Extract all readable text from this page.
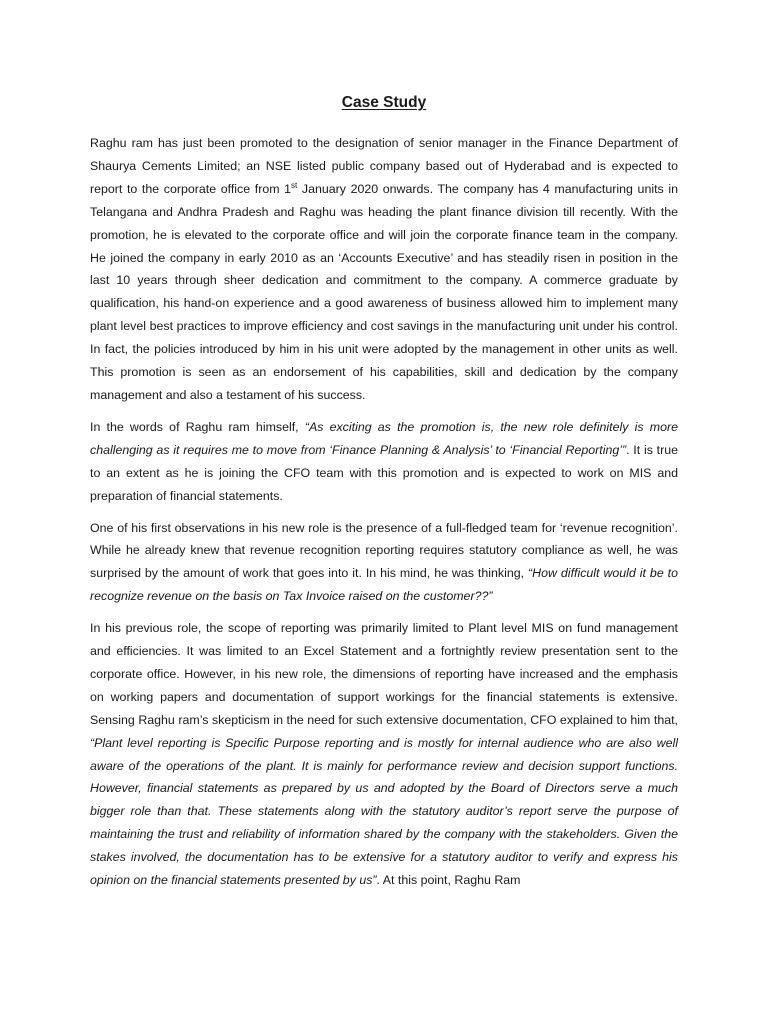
Case Study

Raghu ram has just been promoted to the designation of senior manager in the Finance Department of Shaurya Cements Limited; an NSE listed public company based out of Hyderabad and is expected to report to the corporate office from 1st January 2020 onwards. The company has 4 manufacturing units in Telangana and Andhra Pradesh and Raghu was heading the plant finance division till recently. With the promotion, he is elevated to the corporate office and will join the corporate finance team in the company. He joined the company in early 2010 as an ‘Accounts Executive’ and has steadily risen in position in the last 10 years through sheer dedication and commitment to the company. A commerce graduate by qualification, his hand-on experience and a good awareness of business allowed him to implement many plant level best practices to improve efficiency and cost savings in the manufacturing unit under his control. In fact, the policies introduced by him in his unit were adopted by the management in other units as well. This promotion is seen as an endorsement of his capabilities, skill and dedication by the company management and also a testament of his success.

In the words of Raghu ram himself, “As exciting as the promotion is, the new role definitely is more challenging as it requires me to move from ‘Finance Planning & Analysis’ to ‘Financial Reporting’”. It is true to an extent as he is joining the CFO team with this promotion and is expected to work on MIS and preparation of financial statements.

One of his first observations in his new role is the presence of a full-fledged team for ‘revenue recognition’. While he already knew that revenue recognition reporting requires statutory compliance as well, he was surprised by the amount of work that goes into it. In his mind, he was thinking, “How difficult would it be to recognize revenue on the basis on Tax Invoice raised on the customer??”

In his previous role, the scope of reporting was primarily limited to Plant level MIS on fund management and efficiencies. It was limited to an Excel Statement and a fortnightly review presentation sent to the corporate office. However, in his new role, the dimensions of reporting have increased and the emphasis on working papers and documentation of support workings for the financial statements is extensive. Sensing Raghu ram’s skepticism in the need for such extensive documentation, CFO explained to him that, “Plant level reporting is Specific Purpose reporting and is mostly for internal audience who are also well aware of the operations of the plant. It is mainly for performance review and decision support functions. However, financial statements as prepared by us and adopted by the Board of Directors serve a much bigger role than that. These statements along with the statutory auditor’s report serve the purpose of maintaining the trust and reliability of information shared by the company with the stakeholders. Given the stakes involved, the documentation has to be extensive for a statutory auditor to verify and express his opinion on the financial statements presented by us”. At this point, Raghu Ram
